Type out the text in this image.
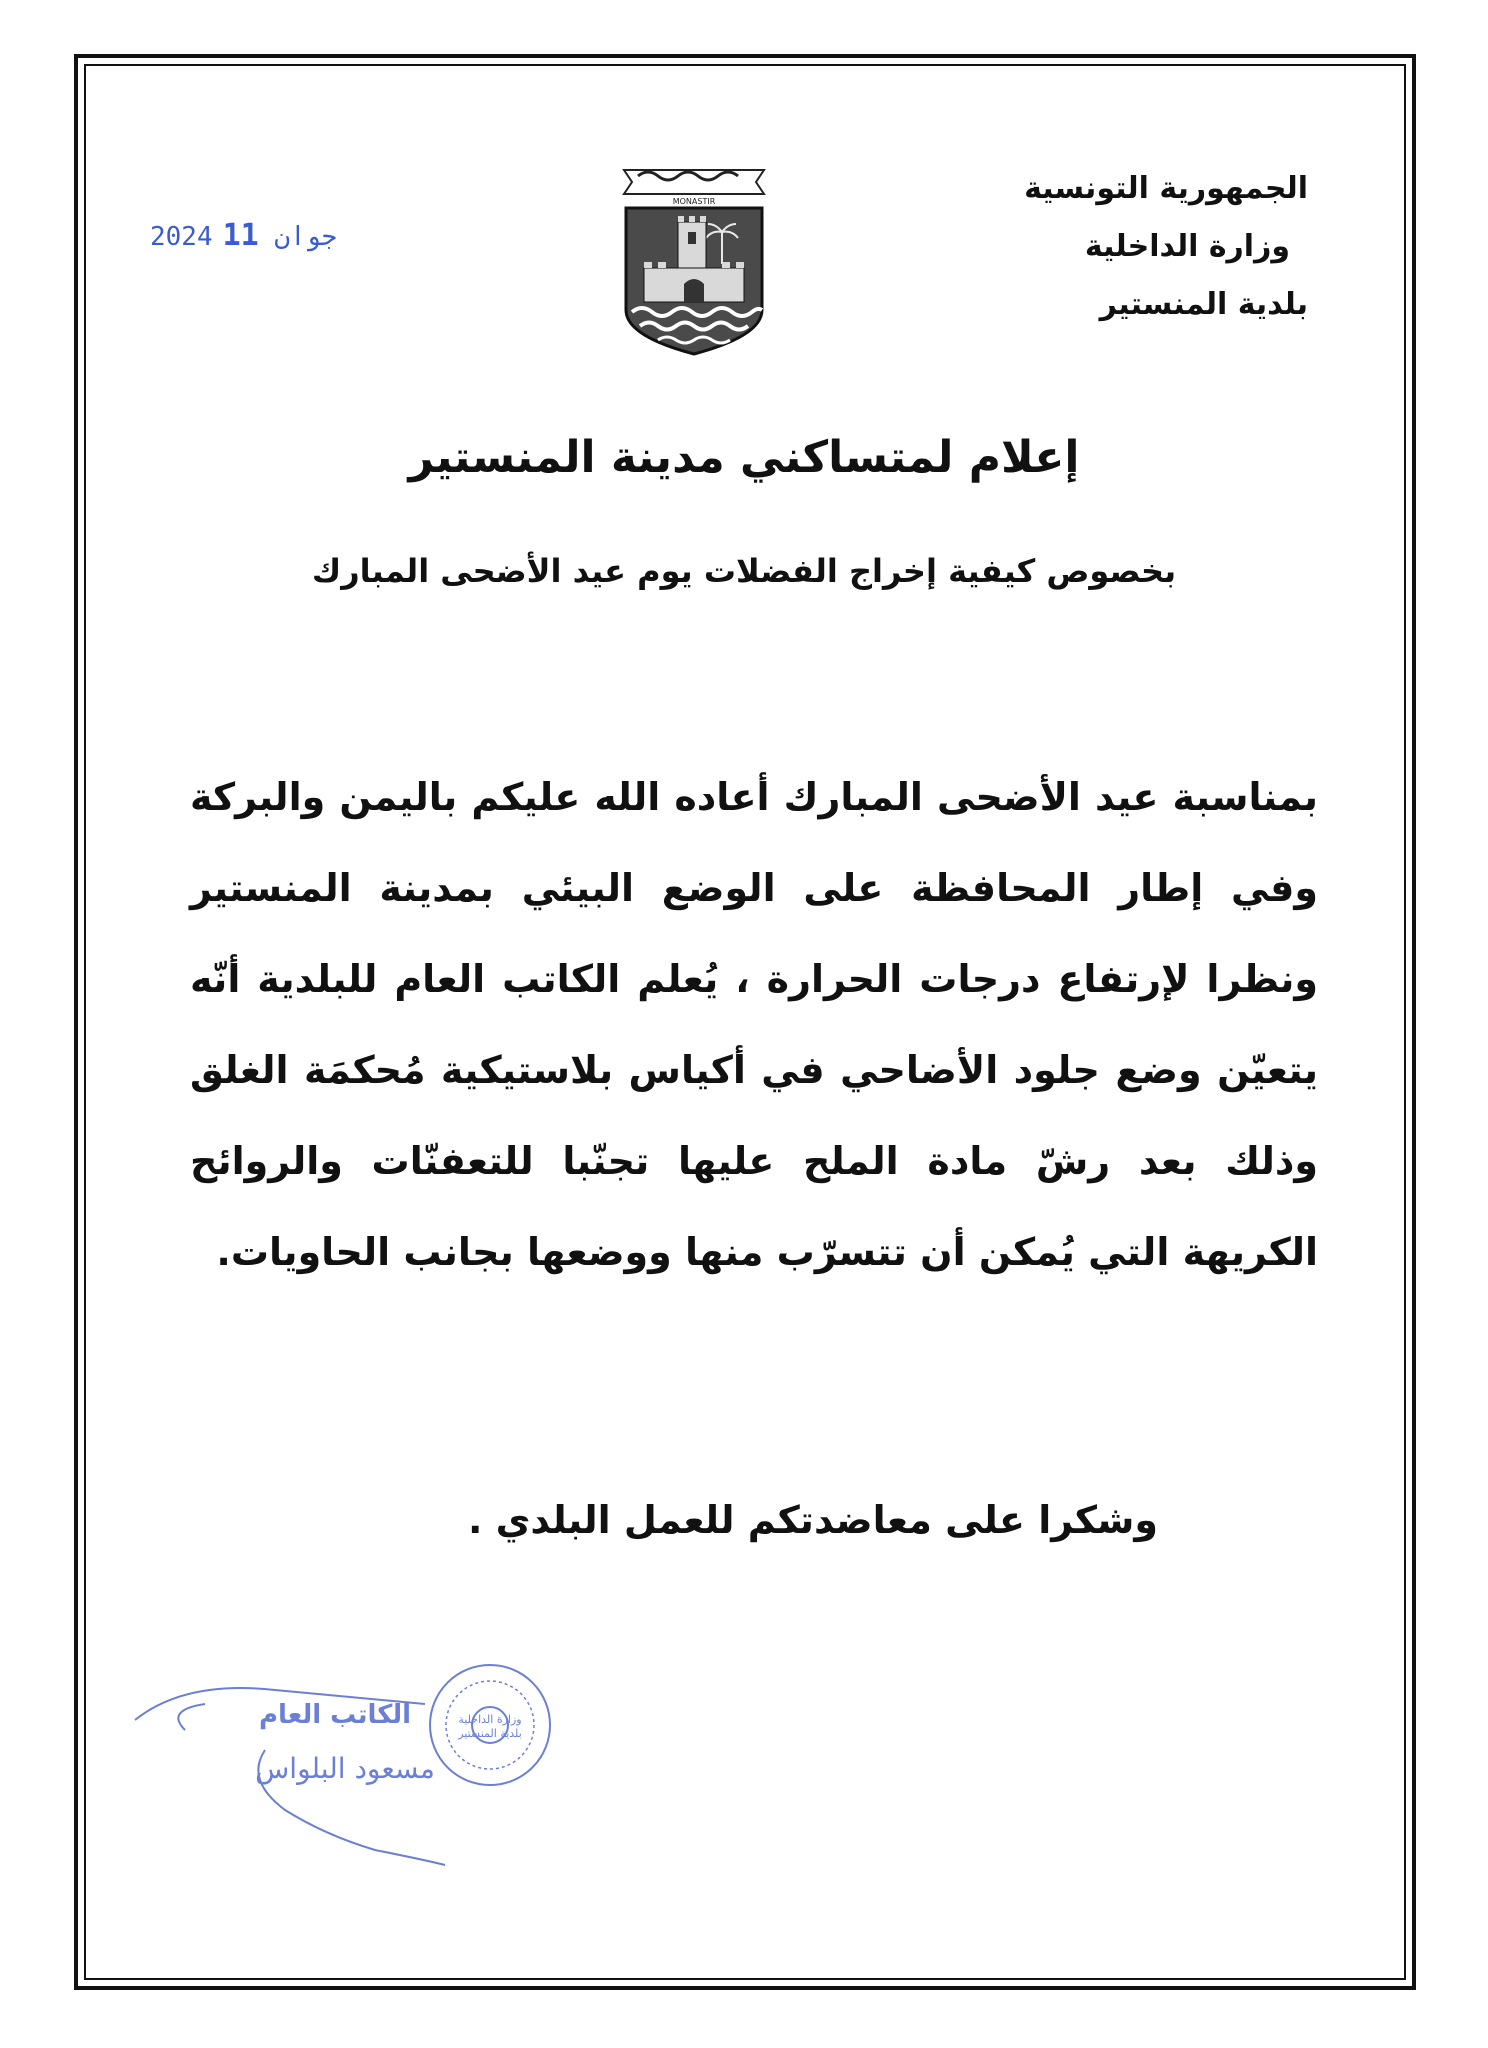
الجمهورية التونسية
وزارة الداخلية
بلدية المنستير
جوان 202411
MONASTIR
إعلام لمتساكني مدينة المنستير
بخصوص كيفية إخراج الفضلات يوم عيد الأضحى المبارك
بمناسبة عيد الأضحى المبارك أعاده الله عليكم باليمن والبركة وفي إطار المحافظة على الوضع البيئي بمدينة المنستير ونظرا لإرتفاع درجات الحرارة ، يُعلم الكاتب العام للبلدية أنّه يتعيّن وضع جلود الأضاحي في أكياس بلاستيكية مُحكمَة الغلق وذلك بعد رشّ مادة الملح عليها تجنّبا للتعفنّات والروائح الكريهة التي يُمكن أن تتسرّب منها ووضعها بجانب الحاويات.
وشكرا على معاضدتكم للعمل البلدي .
الكاتب العام
مسعود البلواس
وزارة الداخلية
بلدية المنستير
